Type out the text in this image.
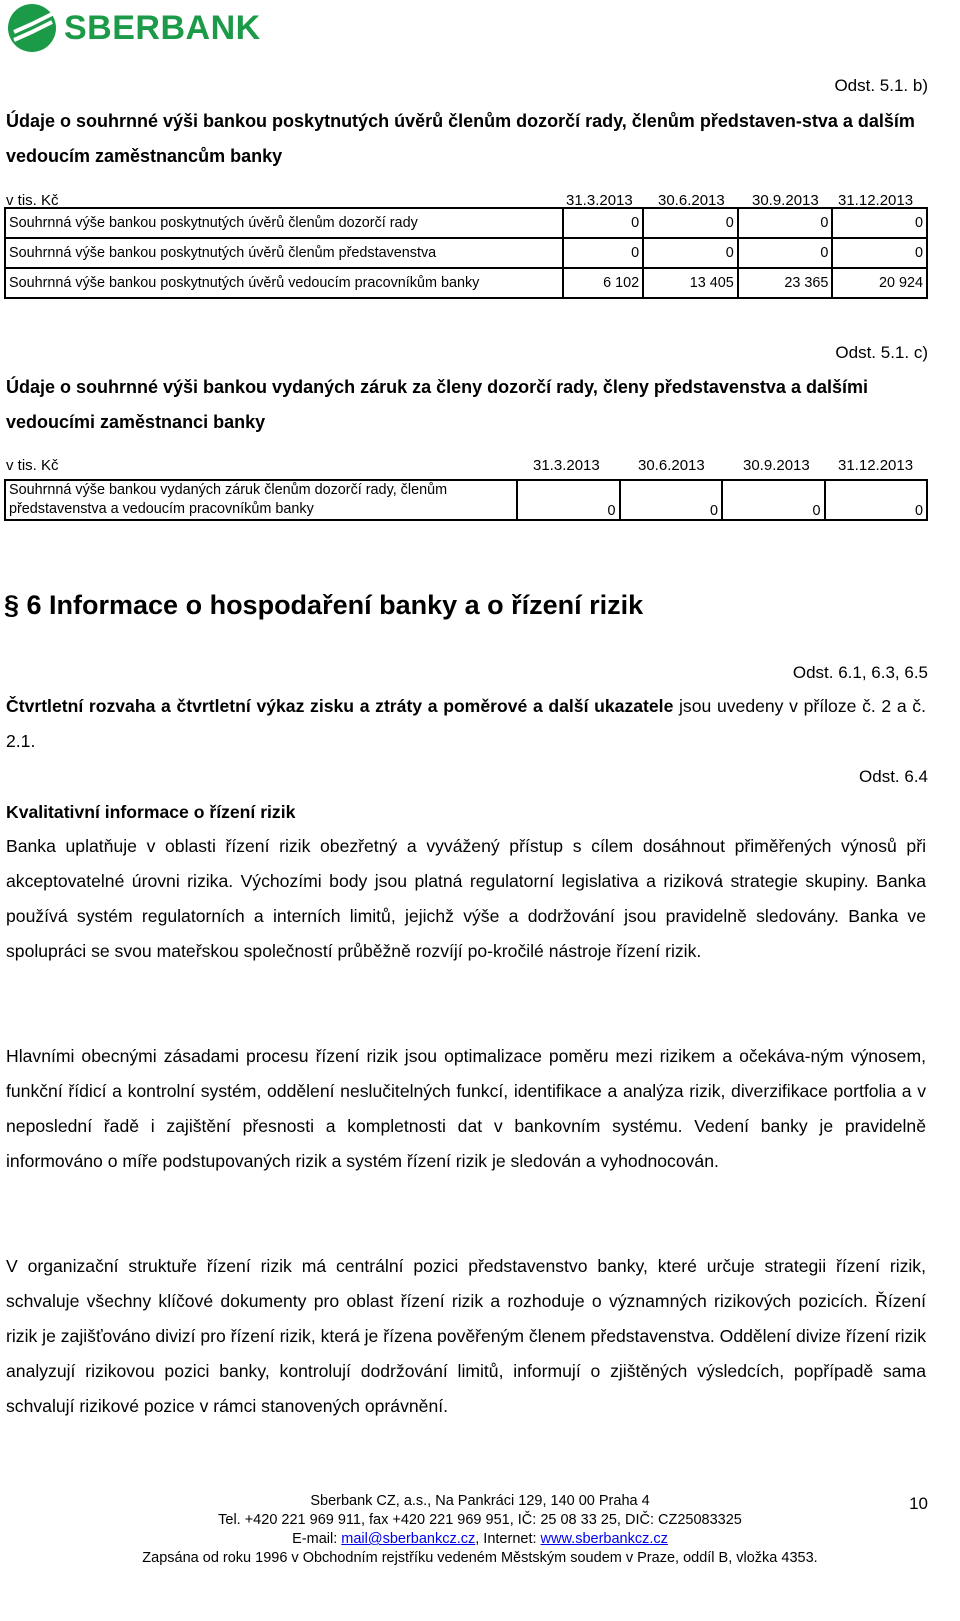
SBERBANK
Odst. 5.1. b)
Údaje o souhrnné výši bankou poskytnutých úvěrů členům dozorčí rady, členům představen-stva a dalším vedoucím zaměstnancům banky
v tis. Kč	31.3.2013 30.6.2013 30.9.2013 31.12.2013
Souhrnná výše bankou poskytnutých úvěrů členům dozorčí rady	0	0	0	0
Souhrnná výše bankou poskytnutých úvěrů členům představenstva	0	0	0	0
Souhrnná výše bankou poskytnutých úvěrů vedoucím pracovníkům banky	6 102	13 405	23 365	20 924
Odst. 5.1. c)
Údaje o souhrnné výši bankou vydaných záruk za členy dozorčí rady, členy představenstva a dalšími vedoucími zaměstnanci banky
v tis. Kč	31.3.2013	30.6.2013	30.9.2013 31.12.2013
Souhrnná výše bankou vydaných záruk členům dozorčí rady, členům
představenstva a vedoucím pracovníkům banky	0	0	0	0
§ 6 Informace o hospodaření banky a o řízení rizik
Odst. 6.1, 6.3, 6.5
Čtvrtletní rozvaha a čtvrtletní výkaz zisku a ztráty a poměrové a další ukazatele jsou uvedeny v příloze č. 2 a č. 2.1.
Odst. 6.4
Kvalitativní informace o řízení rizik
Banka uplatňuje v oblasti řízení rizik obezřetný a vyvážený přístup s cílem dosáhnout přiměřených výnosů při akceptovatelné úrovni rizika. Výchozími body jsou platná regulatorní legislativa a riziková strategie skupiny. Banka používá systém regulatorních a interních limitů, jejichž výše a dodržování jsou pravidelně sledovány. Banka ve spolupráci se svou mateřskou společností průběžně rozvíjí po-kročilé nástroje řízení rizik.
Hlavními obecnými zásadami procesu řízení rizik jsou optimalizace poměru mezi rizikem a očekáva-ným výnosem, funkční řídicí a kontrolní systém, oddělení neslučitelných funkcí, identifikace a analýza rizik, diverzifikace portfolia a v neposlední řadě i zajištění přesnosti a kompletnosti dat v bankovním systému. Vedení banky je pravidelně informováno o míře podstupovaných rizik a systém řízení rizik je sledován a vyhodnocován.
V organizační struktuře řízení rizik má centrální pozici představenstvo banky, které určuje strategii řízení rizik, schvaluje všechny klíčové dokumenty pro oblast řízení rizik a rozhoduje o významných rizikových pozicích. Řízení rizik je zajišťováno divizí pro řízení rizik, která je řízena pověřeným členem představenstva. Oddělení divize řízení rizik analyzují rizikovou pozici banky, kontrolují dodržování limitů, informují o zjištěných výsledcích, popřípadě sama schvalují rizikové pozice v rámci stanovených oprávnění.
Sberbank CZ, a.s., Na Pankráci 129, 140 00 Praha 4
Tel. +420 221 969 911, fax +420 221 969 951, IČ: 25 08 33 25, DIČ: CZ25083325
E-mail: mail@sberbankcz.cz, Internet: www.sberbankcz.cz
Zapsána od roku 1996 v Obchodním rejstříku vedeném Městským soudem v Praze, oddíl B, vložka 4353.
10
